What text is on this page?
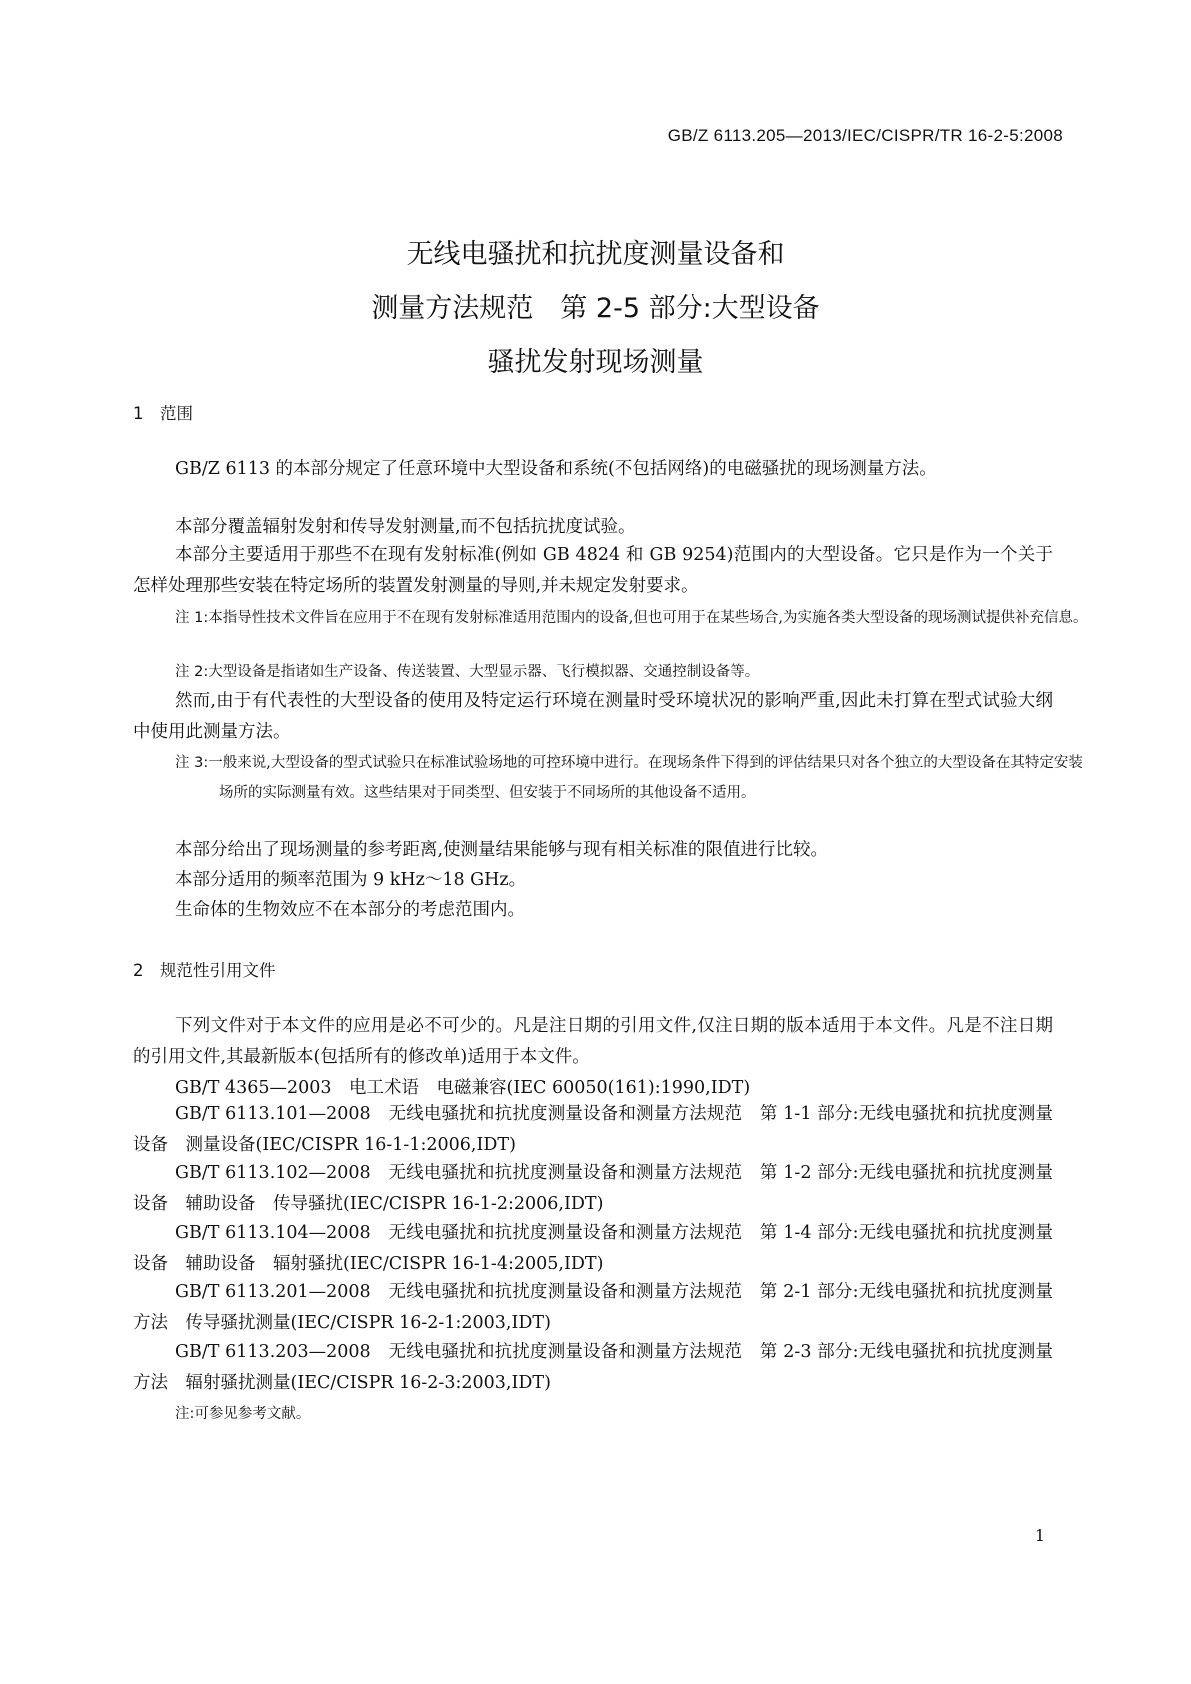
GB/Z 6113.205—2013/IEC/CISPR/TR 16-2-5:2008
无线电骚扰和抗扰度测量设备和
测量方法规范　第 2-5 部分:大型设备
骚扰发射现场测量
1　范围
GB/Z 6113 的本部分规定了任意环境中大型设备和系统(不包括网络)的电磁骚扰的现场测量方法。
本部分覆盖辐射发射和传导发射测量,而不包括抗扰度试验。
本部分主要适用于那些不在现有发射标准(例如 GB 4824 和 GB 9254)范围内的大型设备。它只是作为一个关于怎样处理那些安装在特定场所的装置发射测量的导则,并未规定发射要求。
注 1:本指导性技术文件旨在应用于不在现有发射标准适用范围内的设备,但也可用于在某些场合,为实施各类大型设备的现场测试提供补充信息。
注 2:大型设备是指诸如生产设备、传送装置、大型显示器、飞行模拟器、交通控制设备等。
然而,由于有代表性的大型设备的使用及特定运行环境在测量时受环境状况的影响严重,因此未打算在型式试验大纲中使用此测量方法。
注 3:一般来说,大型设备的型式试验只在标准试验场地的可控环境中进行。在现场条件下得到的评估结果只对各个独立的大型设备在其特定安装场所的实际测量有效。这些结果对于同类型、但安装于不同场所的其他设备不适用。
本部分给出了现场测量的参考距离,使测量结果能够与现有相关标准的限值进行比较。
本部分适用的频率范围为 9 kHz～18 GHz。
生命体的生物效应不在本部分的考虑范围内。
2　规范性引用文件
下列文件对于本文件的应用是必不可少的。凡是注日期的引用文件,仅注日期的版本适用于本文件。凡是不注日期的引用文件,其最新版本(包括所有的修改单)适用于本文件。
GB/T 4365—2003　电工术语　电磁兼容(IEC 60050(161):1990,IDT)
GB/T 6113.101—2008　无线电骚扰和抗扰度测量设备和测量方法规范　第 1-1 部分:无线电骚扰和抗扰度测量设备　测量设备(IEC/CISPR 16-1-1:2006,IDT)
GB/T 6113.102—2008　无线电骚扰和抗扰度测量设备和测量方法规范　第 1-2 部分:无线电骚扰和抗扰度测量设备　辅助设备　传导骚扰(IEC/CISPR 16-1-2:2006,IDT)
GB/T 6113.104—2008　无线电骚扰和抗扰度测量设备和测量方法规范　第 1-4 部分:无线电骚扰和抗扰度测量设备　辅助设备　辐射骚扰(IEC/CISPR 16-1-4:2005,IDT)
GB/T 6113.201—2008　无线电骚扰和抗扰度测量设备和测量方法规范　第 2-1 部分:无线电骚扰和抗扰度测量方法　传导骚扰测量(IEC/CISPR 16-2-1:2003,IDT)
GB/T 6113.203—2008　无线电骚扰和抗扰度测量设备和测量方法规范　第 2-3 部分:无线电骚扰和抗扰度测量方法　辐射骚扰测量(IEC/CISPR 16-2-3:2003,IDT)
注:可参见参考文献。
1
